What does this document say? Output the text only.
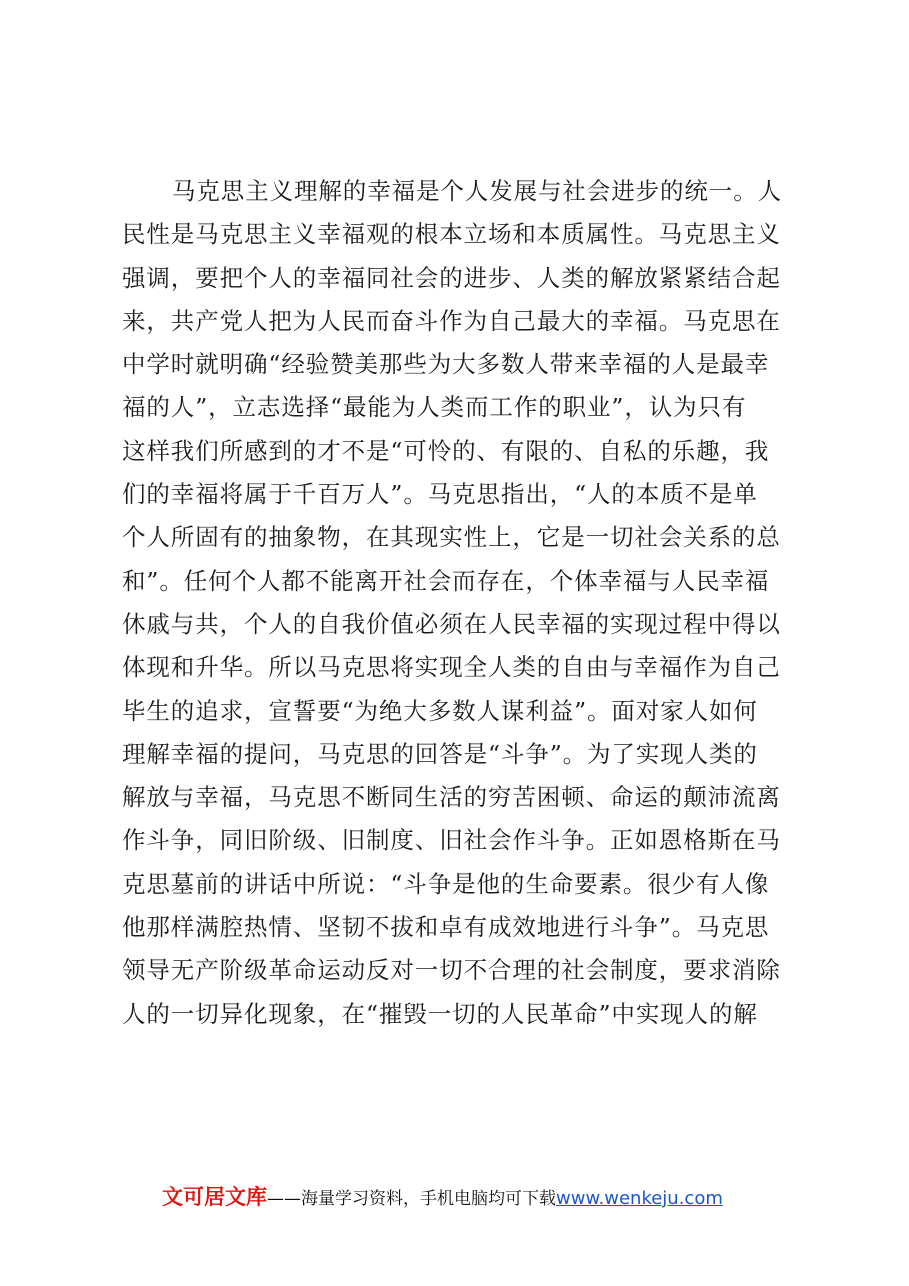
马克思主义理解的幸福是个人发展与社会进步的统一。人
民性是马克思主义幸福观的根本立场和本质属性。马克思主义
强调，要把个人的幸福同社会的进步、人类的解放紧紧结合起
来，共产党人把为人民而奋斗作为自己最大的幸福。马克思在
中学时就明确“经验赞美那些为大多数人带来幸福的人是最幸
福的人”，立志选择“最能为人类而工作的职业”，认为只有
这样我们所感到的才不是“可怜的、有限的、自私的乐趣，我
们的幸福将属于千百万人”。马克思指出，“人的本质不是单
个人所固有的抽象物，在其现实性上，它是一切社会关系的总
和”。任何个人都不能离开社会而存在，个体幸福与人民幸福
休戚与共，个人的自我价值必须在人民幸福的实现过程中得以
体现和升华。所以马克思将实现全人类的自由与幸福作为自己
毕生的追求，宣誓要“为绝大多数人谋利益”。面对家人如何
理解幸福的提问，马克思的回答是“斗争”。为了实现人类的
解放与幸福，马克思不断同生活的穷苦困顿、命运的颠沛流离
作斗争，同旧阶级、旧制度、旧社会作斗争。正如恩格斯在马
克思墓前的讲话中所说：“斗争是他的生命要素。很少有人像
他那样满腔热情、坚韧不拔和卓有成效地进行斗争”。马克思
领导无产阶级革命运动反对一切不合理的社会制度，要求消除
人的一切异化现象，在“摧毁一切的人民革命”中实现人的解
文可居文库——海量学习资料，手机电脑均可下载www.wenkeju.com
